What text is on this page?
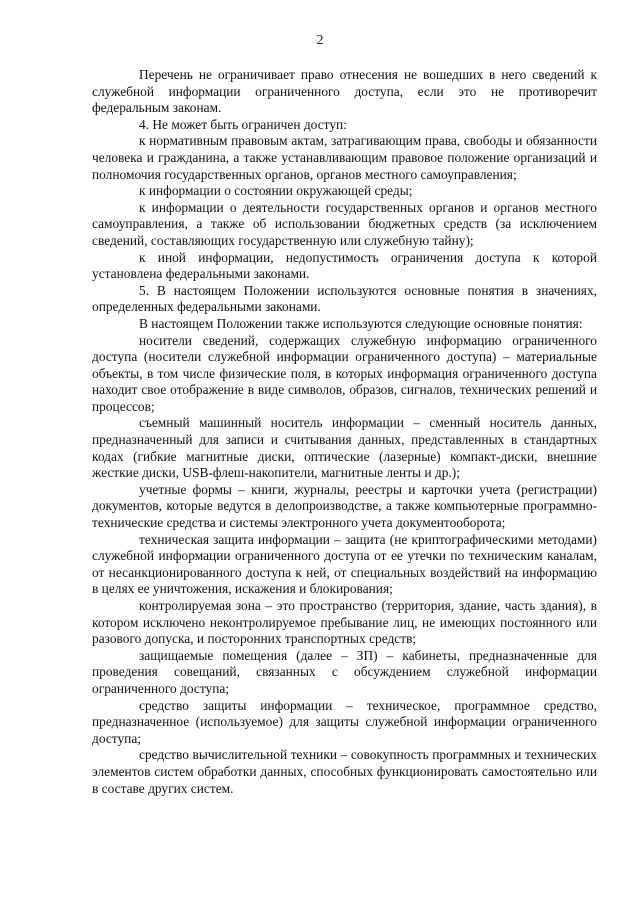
2

Перечень не ограничивает право отнесения не вошедших в него сведений к служебной информации ограниченного доступа, если это не противоречит федеральным законам.

4. Не может быть ограничен доступ:

к нормативным правовым актам, затрагивающим права, свободы и обязанности человека и гражданина, а также устанавливающим правовое положение организаций и полномочия государственных органов, органов местного самоуправления;

к информации о состоянии окружающей среды;

к информации о деятельности государственных органов и органов местного самоуправления, а также об использовании бюджетных средств (за исключением сведений, составляющих государственную или служебную тайну);

к иной информации, недопустимость ограничения доступа к которой установлена федеральными законами.

5. В настоящем Положении используются основные понятия в значениях, определенных федеральными законами.

В настоящем Положении также используются следующие основные понятия:

носители сведений, содержащих служебную информацию ограниченного доступа (носители служебной информации ограниченного доступа) – материальные объекты, в том числе физические поля, в которых информация ограниченного доступа находит свое отображение в виде символов, образов, сигналов, технических решений и процессов;

съемный машинный носитель информации – сменный носитель данных, предназначенный для записи и считывания данных, представленных в стандартных кодах (гибкие магнитные диски, оптические (лазерные) компакт-диски, внешние жесткие диски, USB-флеш-накопители, магнитные ленты и др.);

учетные формы – книги, журналы, реестры и карточки учета (регистрации) документов, которые ведутся в делопроизводстве, а также компьютерные программно-технические средства и системы электронного учета документооборота;

техническая защита информации – защита (не криптографическими методами) служебной информации ограниченного доступа от ее утечки по техническим каналам, от несанкционированного доступа к ней, от специальных воздействий на информацию в целях ее уничтожения, искажения и блокирования;

контролируемая зона – это пространство (территория, здание, часть здания), в котором исключено неконтролируемое пребывание лиц, не имеющих постоянного или разового допуска, и посторонних транспортных средств;

защищаемые помещения (далее – ЗП) – кабинеты, предназначенные для проведения совещаний, связанных с обсуждением служебной информации ограниченного доступа;

средство защиты информации – техническое, программное средство, предназначенное (используемое) для защиты служебной информации ограниченного доступа;

средство вычислительной техники – совокупность программных и технических элементов систем обработки данных, способных функционировать самостоятельно или в составе других систем.
